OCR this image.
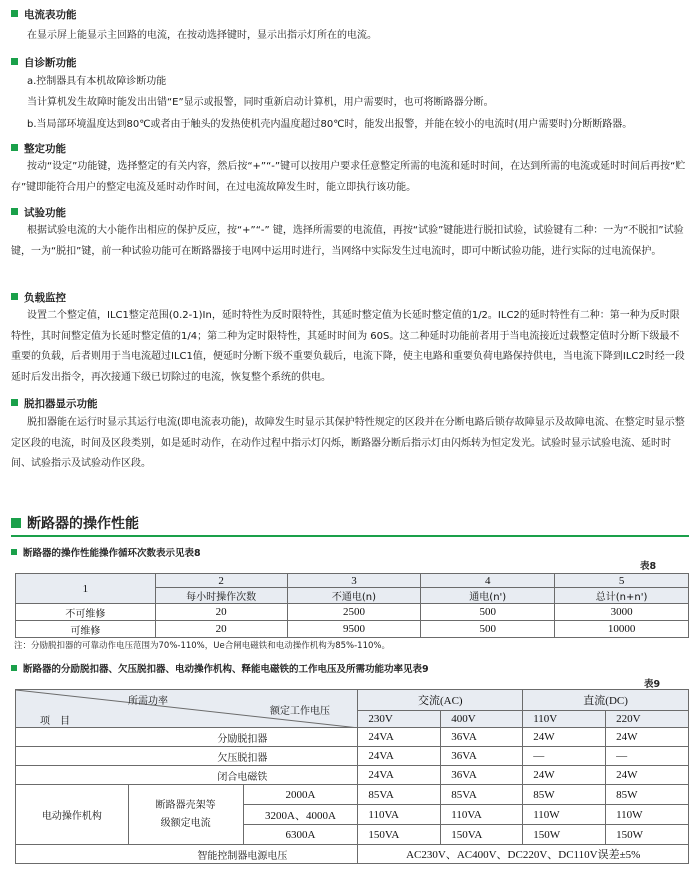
电流表功能

在显示屏上能显示主回路的电流，在按动选择键时，显示出指示灯所在的电流。

自诊断功能

a.控制器具有本机故障诊断功能

当计算机发生故障时能发出出错“E”显示或报警，同时重新启动计算机，用户需要时，也可将断路器分断。

b.当局部环境温度达到80℃或者由于触头的发热使机壳内温度超过80℃时，能发出报警，并能在较小的电流时(用户需要时)分断断路器。

整定功能

按动“设定”功能键，选择整定的有关内容，然后按“+”“-”键可以按用户要求任意整定所需的电流和延时时间，在达到所需的电流或延时时间后再按“贮存”键即能符合用户的整定电流及延时动作时间，在过电流故障发生时，能立即执行该功能。

试验功能

根据试验电流的大小能作出相应的保护反应，按“+”“-” 键，选择所需要的电流值，再按“试验”键能进行脱扣试验，试验键有二种：一为“不脱扣”试验键，一为“脱扣”键，前一种试验功能可在断路器接于电网中运用时进行，当网络中实际发生过电流时，即可中断试验功能，进行实际的过电流保护。

负载监控

设置二个整定值，ILC1整定范围(0.2-1)In，延时特性为反时限特性，其延时整定值为长延时整定值的1/2。ILC2的延时特性有二种：第一种为反时限特性，其时间整定值为长延时整定值的1/4；第二种为定时限特性，其延时时间为 60S。这二种延时功能前者用于当电流接近过载整定值时分断下级最不重要的负载，后者则用于当电流超过ILC1值，便延时分断下级不重要负载后，电流下降，使主电路和重要负荷电路保持供电，当电流下降到ILC2时经一段延时后发出指令，再次接通下级已切除过的电流，恢复整个系统的供电。

脱扣器显示功能

脱扣器能在运行时显示其运行电流(即电流表功能)，故障发生时显示其保护特性规定的区段并在分断电路后锁存故障显示及故障电流、在整定时显示整定区段的电流，时间及区段类别，如是延时动作，在动作过程中指示灯闪烁，断路器分断后指示灯由闪烁转为恒定发光。试验时显示试验电流、延时时间、试验指示及试验动作区段。

断路器的操作性能
断路器的操作性能操作循环次数表示见表8
表8
1	2	3	4	5
	每小时操作次数	不通电(n)	通电(n')	总计(n+n')
不可维修	20	2500	500	3000
可维修	20	9500	500	10000
注：分励脱扣器的可靠动作电压范围为70%-110%，Ue合闸电磁铁和电动操作机构为85%-110%。
断路器的分励脱扣器、欠压脱扣器、电动操作机构、释能电磁铁的工作电压及所需功能功率见表9
表9
所需功率
额定工作电压
项　目			交流(AC)		直流(DC)	
			230V	400V	110V	220V
分励脱扣器			24VA	36VA	24W	24W
欠压脱扣器			24VA	36VA	—	—
闭合电磁铁			24VA	36VA	24W	24W
电动操作机构	断路器壳架等
级额定电流	2000A	85VA	85VA	85W	85W
		3200A、4000A	110VA	110VA	110W	110W
		6300A	150VA	150VA	150W	150W
智能控制器电源电压			AC230V、AC400V、DC220V、DC110V误差±5%			
